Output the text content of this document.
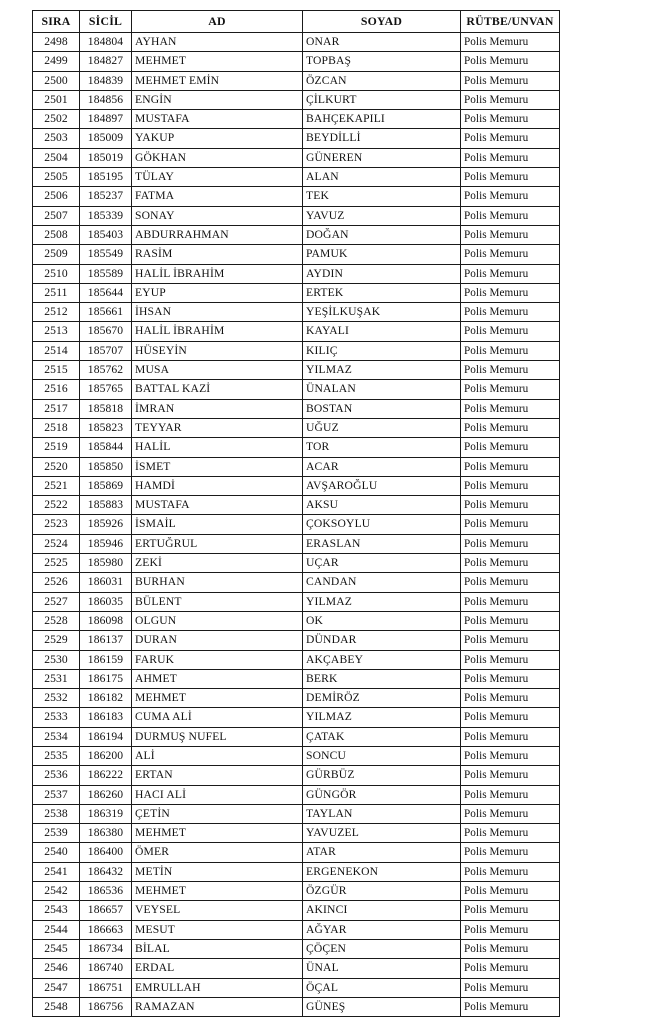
SIRA	SİCİL	AD	SOYAD	RÜTBE/UNVAN
2498	184804	AYHAN	ONAR	Polis Memuru
2499	184827	MEHMET	TOPBAŞ	Polis Memuru
2500	184839	MEHMET EMİN	ÖZCAN	Polis Memuru
2501	184856	ENGİN	ÇİLKURT	Polis Memuru
2502	184897	MUSTAFA	BAHÇEKAPILI	Polis Memuru
2503	185009	YAKUP	BEYDİLLİ	Polis Memuru
2504	185019	GÖKHAN	GÜNEREN	Polis Memuru
2505	185195	TÜLAY	ALAN	Polis Memuru
2506	185237	FATMA	TEK	Polis Memuru
2507	185339	SONAY	YAVUZ	Polis Memuru
2508	185403	ABDURRAHMAN	DOĞAN	Polis Memuru
2509	185549	RASİM	PAMUK	Polis Memuru
2510	185589	HALİL İBRAHİM	AYDIN	Polis Memuru
2511	185644	EYUP	ERTEK	Polis Memuru
2512	185661	İHSAN	YEŞİLKUŞAK	Polis Memuru
2513	185670	HALİL İBRAHİM	KAYALI	Polis Memuru
2514	185707	HÜSEYİN	KILIÇ	Polis Memuru
2515	185762	MUSA	YILMAZ	Polis Memuru
2516	185765	BATTAL KAZİ	ÜNALAN	Polis Memuru
2517	185818	İMRAN	BOSTAN	Polis Memuru
2518	185823	TEYYAR	UĞUZ	Polis Memuru
2519	185844	HALİL	TOR	Polis Memuru
2520	185850	İSMET	ACAR	Polis Memuru
2521	185869	HAMDİ	AVŞAROĞLU	Polis Memuru
2522	185883	MUSTAFA	AKSU	Polis Memuru
2523	185926	İSMAİL	ÇOKSOYLU	Polis Memuru
2524	185946	ERTUĞRUL	ERASLAN	Polis Memuru
2525	185980	ZEKİ	UÇAR	Polis Memuru
2526	186031	BURHAN	CANDAN	Polis Memuru
2527	186035	BÜLENT	YILMAZ	Polis Memuru
2528	186098	OLGUN	OK	Polis Memuru
2529	186137	DURAN	DÜNDAR	Polis Memuru
2530	186159	FARUK	AKÇABEY	Polis Memuru
2531	186175	AHMET	BERK	Polis Memuru
2532	186182	MEHMET	DEMİRÖZ	Polis Memuru
2533	186183	CUMA ALİ	YILMAZ	Polis Memuru
2534	186194	DURMUŞ NUFEL	ÇATAK	Polis Memuru
2535	186200	ALİ	SONCU	Polis Memuru
2536	186222	ERTAN	GÜRBÜZ	Polis Memuru
2537	186260	HACI ALİ	GÜNGÖR	Polis Memuru
2538	186319	ÇETİN	TAYLAN	Polis Memuru
2539	186380	MEHMET	YAVUZEL	Polis Memuru
2540	186400	ÖMER	ATAR	Polis Memuru
2541	186432	METİN	ERGENEKON	Polis Memuru
2542	186536	MEHMET	ÖZGÜR	Polis Memuru
2543	186657	VEYSEL	AKINCI	Polis Memuru
2544	186663	MESUT	AĞYAR	Polis Memuru
2545	186734	BİLAL	ÇÖÇEN	Polis Memuru
2546	186740	ERDAL	ÜNAL	Polis Memuru
2547	186751	EMRULLAH	ÖÇAL	Polis Memuru
2548	186756	RAMAZAN	GÜNEŞ	Polis Memuru
